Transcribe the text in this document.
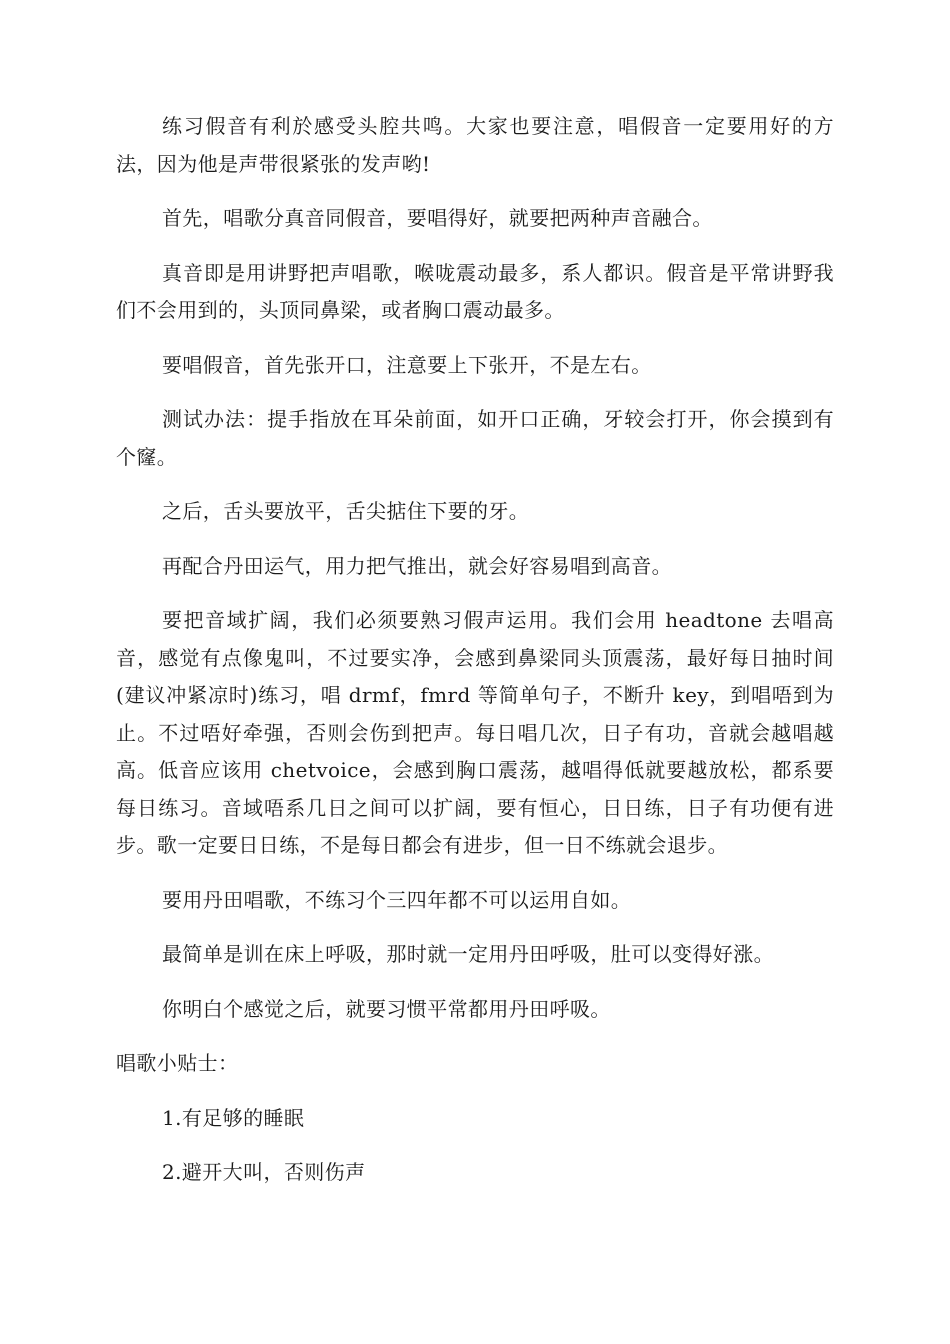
练习假音有利於感受头腔共鸣。大家也要注意，唱假音一定要用好的方法，因为他是声带很紧张的发声哟!

首先，唱歌分真音同假音，要唱得好，就要把两种声音融合。

真音即是用讲野把声唱歌，喉咙震动最多，系人都识。假音是平常讲野我们不会用到的，头顶同鼻梁，或者胸口震动最多。

要唱假音，首先张开口，注意要上下张开，不是左右。

测试办法：提手指放在耳朵前面，如开口正确，牙较会打开，你会摸到有个窿。

之后，舌头要放平，舌尖掂住下要的牙。

再配合丹田运气，用力把气推出，就会好容易唱到高音。

要把音域扩阔，我们必须要熟习假声运用。我们会用 headtone 去唱高音，感觉有点像鬼叫，不过要实净，会感到鼻梁同头顶震荡，最好每日抽时间(建议冲紧凉时)练习，唱 drmf，fmrd 等简单句子，不断升 key，到唱唔到为止。不过唔好牵强，否则会伤到把声。每日唱几次，日子有功，音就会越唱越高。低音应该用 chetvoice，会感到胸口震荡，越唱得低就要越放松，都系要每日练习。音域唔系几日之间可以扩阔，要有恒心，日日练，日子有功便有进步。歌一定要日日练，不是每日都会有进步，但一日不练就会退步。

要用丹田唱歌，不练习个三四年都不可以运用自如。

最简单是训在床上呼吸，那时就一定用丹田呼吸，肚可以变得好涨。

你明白个感觉之后，就要习惯平常都用丹田呼吸。

唱歌小贴士：

1.有足够的睡眠

2.避开大叫，否则伤声
